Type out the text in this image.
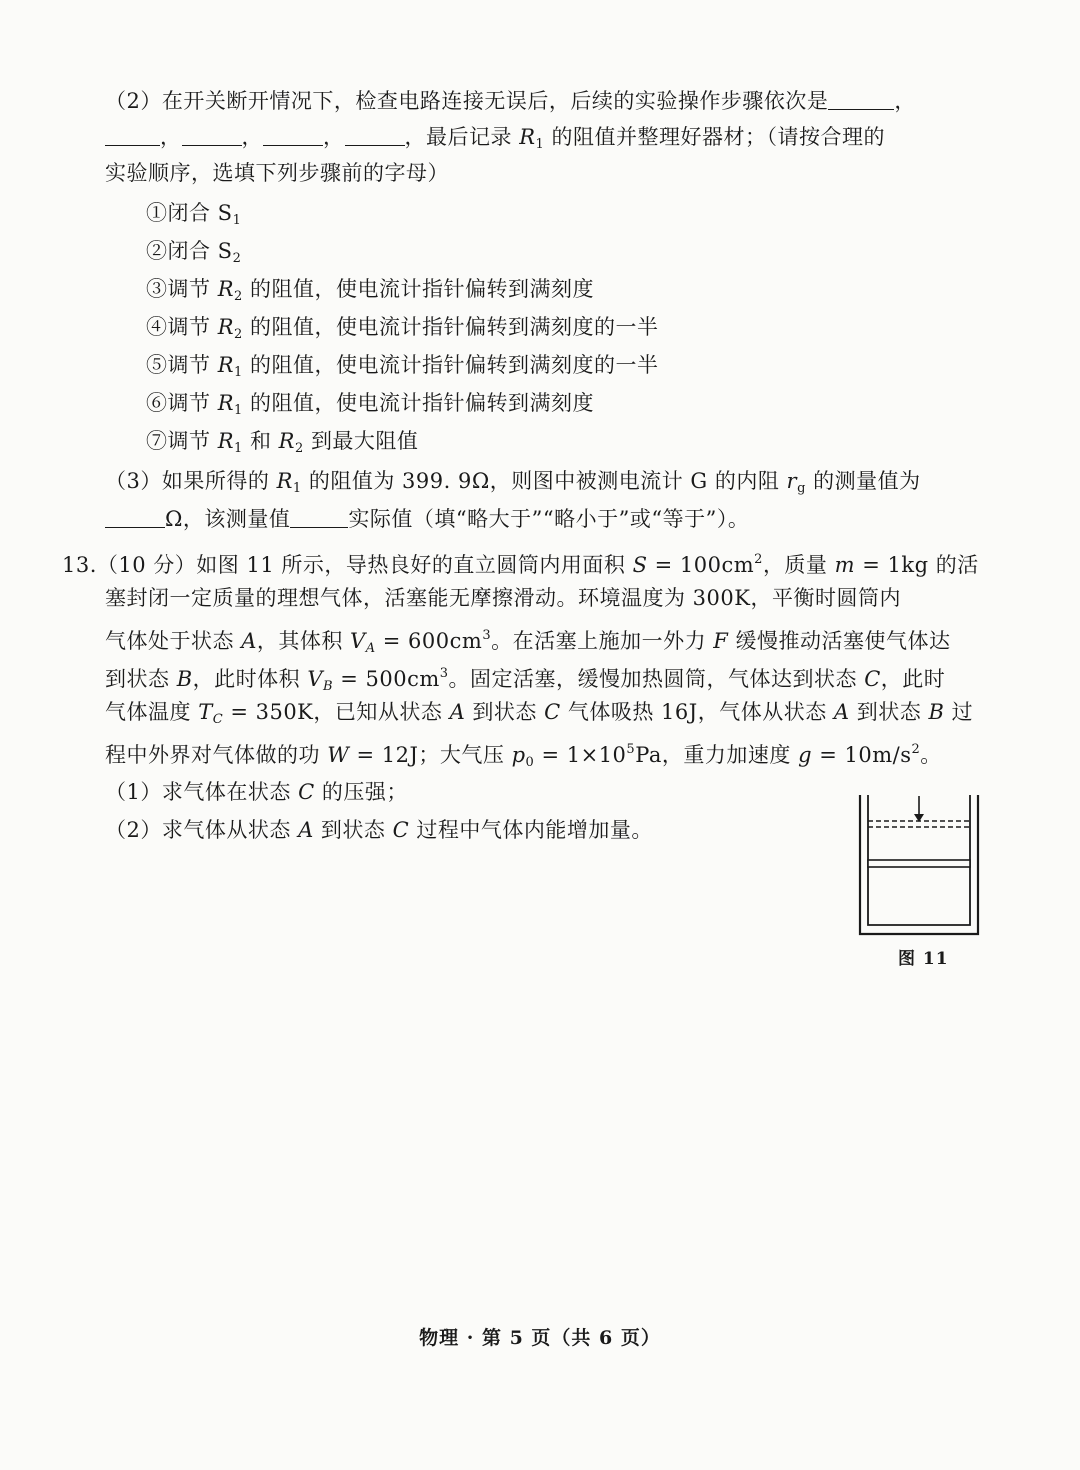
（2）在开关断开情况下，检查电路连接无误后，后续的实验操作步骤依次是	，
，	，	，	，最后记录 $R_1$ 的阻值并整理好器材；（请按合理的
实验顺序，选填下列步骤前的字母）
①闭合 $S_1$
②闭合 $S_2$
③调节 $R_2$ 的阻值，使电流计指针偏转到满刻度
④调节 $R_2$ 的阻值，使电流计指针偏转到满刻度的一半
⑤调节 $R_1$ 的阻值，使电流计指针偏转到满刻度的一半
⑥调节 $R_1$ 的阻值，使电流计指针偏转到满刻度
⑦调节 $R_1$ 和 $R_2$ 到最大阻值
（3）如果所得的 $R_1$ 的阻值为 399. 9Ω，则图中被测电流计 G 的内阻 $r_g$ 的测量值为
Ω，该测量值	实际值（填“略大于”“略小于”或“等于”）。
13.（10 分）如图 11 所示，导热良好的直立圆筒内用面积 $S = 100cm^2$，质量 m = 1kg 的活
塞封闭一定质量的理想气体，活塞能无摩擦滑动。环境温度为 300K，平衡时圆筒内
气体处于状态 A，其体积 $V_A = 600cm^3$。在活塞上施加一外力 F 缓慢推动活塞使气体达
到状态 B，此时体积 $V_B = 500cm^3$。固定活塞，缓慢加热圆筒，气体达到状态 C，此时
气体温度 $T_C = 350K$，已知从状态 A 到状态 C 气体吸热 16J，气体从状态 A 到状态 B 过
程中外界对气体做的功 W = 12J；大气压 $p_0 = 1\times 10^5Pa$，重力加速度 $g = 10m/s^2$。
（1）求气体在状态 C 的压强；
（2）求气体从状态 A 到状态 C 过程中气体内能增加量。
图 11
物理 · 第 5 页（共 6 页）
